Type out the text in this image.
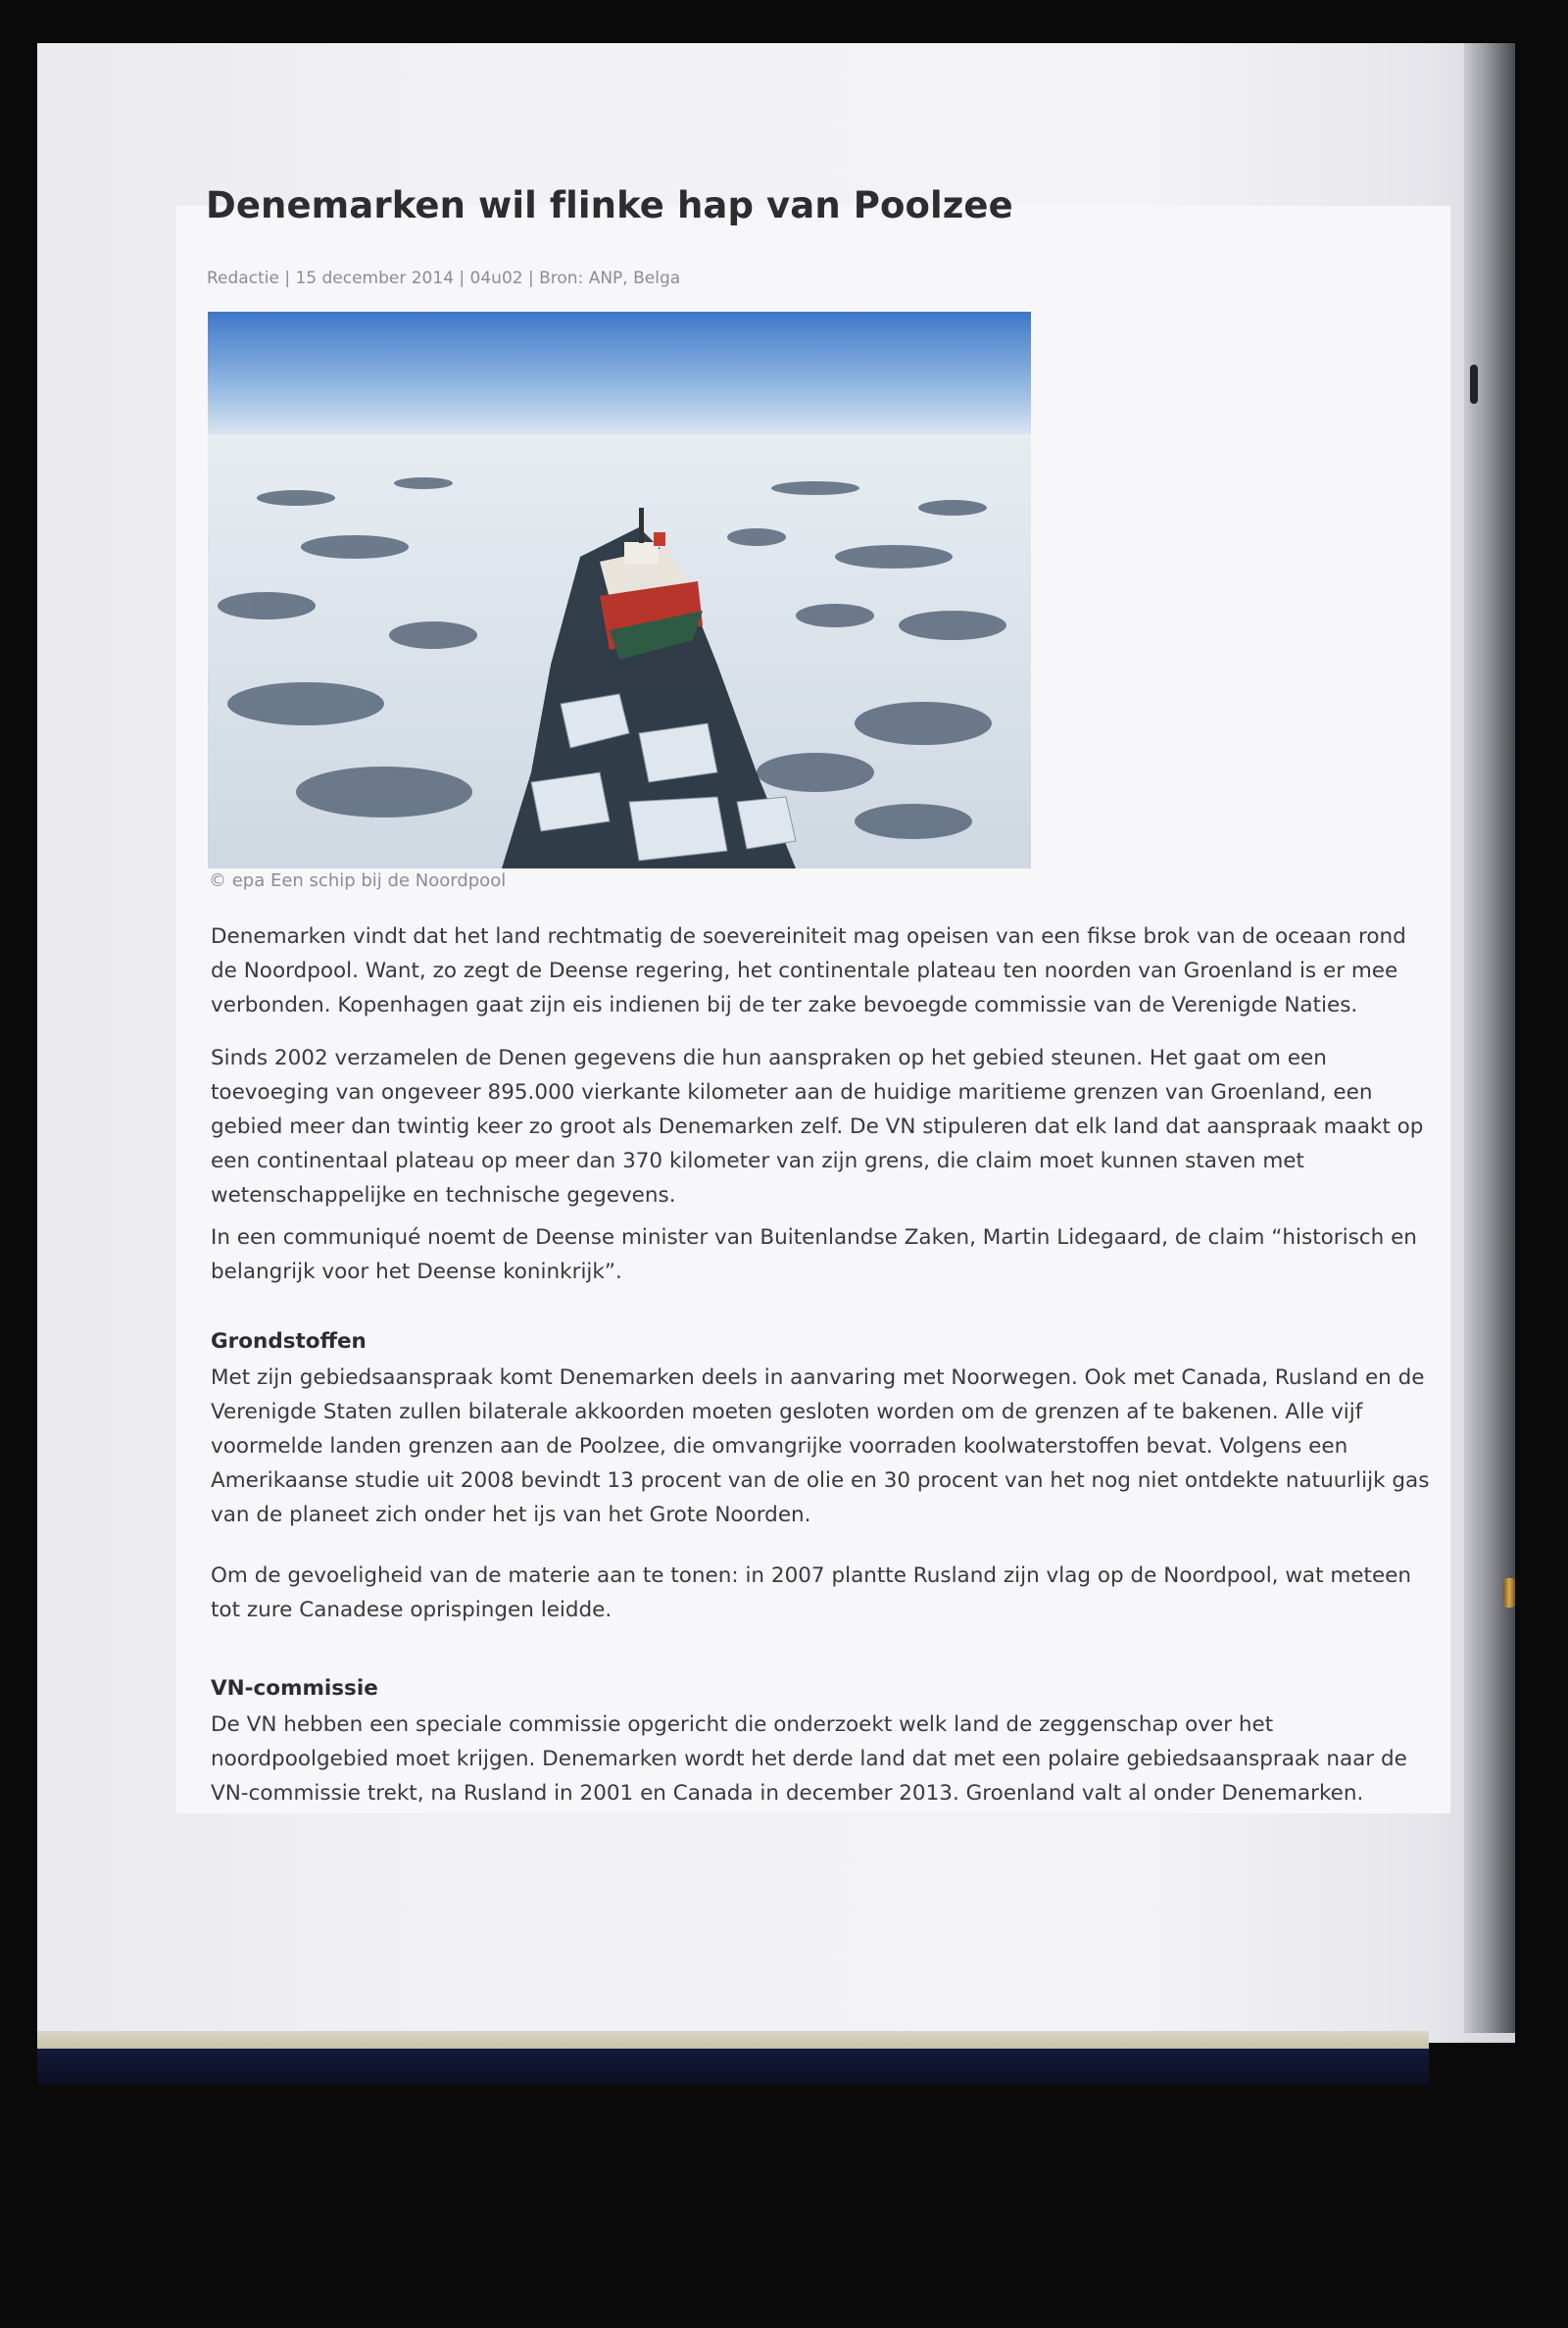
Denemarken wil flinke hap van Poolzee
Redactie | 15 december 2014 | 04u02 | Bron: ANP, Belga
© epa Een schip bij de Noordpool

Denemarken vindt dat het land rechtmatig de soevereiniteit mag opeisen van een fikse brok van de oceaan rond de Noordpool. Want, zo zegt de Deense regering, het continentale plateau ten noorden van Groenland is er mee verbonden. Kopenhagen gaat zijn eis indienen bij de ter zake bevoegde commissie van de Verenigde Naties.

Sinds 2002 verzamelen de Denen gegevens die hun aanspraken op het gebied steunen. Het gaat om een toevoeging van ongeveer 895.000 vierkante kilometer aan de huidige maritieme grenzen van Groenland, een gebied meer dan twintig keer zo groot als Denemarken zelf. De VN stipuleren dat elk land dat aanspraak maakt op een continentaal plateau op meer dan 370 kilometer van zijn grens, die claim moet kunnen staven met wetenschappelijke en technische gegevens.

In een communiqué noemt de Deense minister van Buitenlandse Zaken, Martin Lidegaard, de claim “historisch en belangrijk voor het Deense koninkrijk”.

Grondstoffen

Met zijn gebiedsaanspraak komt Denemarken deels in aanvaring met Noorwegen. Ook met Canada, Rusland en de Verenigde Staten zullen bilaterale akkoorden moeten gesloten worden om de grenzen af te bakenen. Alle vijf voormelde landen grenzen aan de Poolzee, die omvangrijke voorraden koolwaterstoffen bevat. Volgens een Amerikaanse studie uit 2008 bevindt 13 procent van de olie en 30 procent van het nog niet ontdekte natuurlijk gas van de planeet zich onder het ijs van het Grote Noorden.

Om de gevoeligheid van de materie aan te tonen: in 2007 plantte Rusland zijn vlag op de Noordpool, wat meteen tot zure Canadese oprispingen leidde.

VN-commissie

De VN hebben een speciale commissie opgericht die onderzoekt welk land de zeggenschap over het noordpoolgebied moet krijgen. Denemarken wordt het derde land dat met een polaire gebiedsaanspraak naar de VN-commissie trekt, na Rusland in 2001 en Canada in december 2013. Groenland valt al onder Denemarken.
